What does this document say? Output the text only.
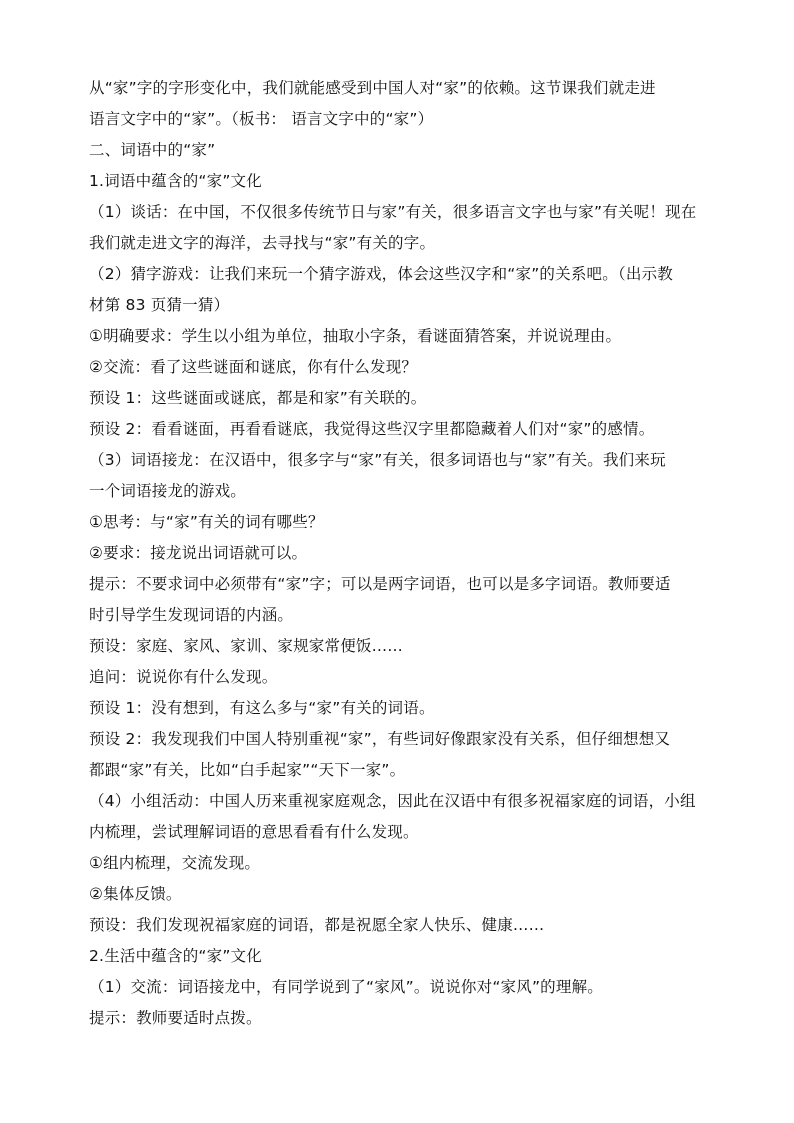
从“家”字的字形变化中，我们就能感受到中国人对“家”的依赖。这节课我们就走进
语言文字中的“家”。（板书： 语言文字中的“家”）
二、词语中的“家”
1.词语中蕴含的“家”文化
（1）谈话：在中国，不仅很多传统节日与家”有关，很多语言文字也与家”有关呢！现在
我们就走进文字的海洋，去寻找与“家”有关的字。
（2）猜字游戏：让我们来玩一个猜字游戏，体会这些汉字和“家”的关系吧。（出示教
材第 83 页猜一猜）
①明确要求：学生以小组为单位，抽取小字条，看谜面猜答案，并说说理由。
②交流：看了这些谜面和谜底，你有什么发现？
预设 1：这些谜面或谜底，都是和家”有关联的。
预设 2：看看谜面，再看看谜底，我觉得这些汉字里都隐藏着人们对“家”的感情。
（3）词语接龙：在汉语中，很多字与“家”有关，很多词语也与“家”有关。我们来玩
一个词语接龙的游戏。
①思考：与“家”有关的词有哪些？
②要求：接龙说出词语就可以。
提示：不要求词中必须带有“家”字；可以是两字词语，也可以是多字词语。教师要适
时引导学生发现词语的内涵。
预设：家庭、家风、家训、家规家常便饭……
追问：说说你有什么发现。
预设 1：没有想到，有这么多与“家”有关的词语。
预设 2：我发现我们中国人特别重视“家”，有些词好像跟家没有关系，但仔细想想又
都跟“家”有关，比如“白手起家”“天下一家”。
（4）小组活动：中国人历来重视家庭观念，因此在汉语中有很多祝福家庭的词语，小组
内梳理，尝试理解词语的意思看看有什么发现。
①组内梳理，交流发现。
②集体反馈。
预设：我们发现祝福家庭的词语，都是祝愿全家人快乐、健康……
2.生活中蕴含的“家”文化
（1）交流：词语接龙中，有同学说到了“家风”。说说你对“家风”的理解。
提示：教师要适时点拨。
